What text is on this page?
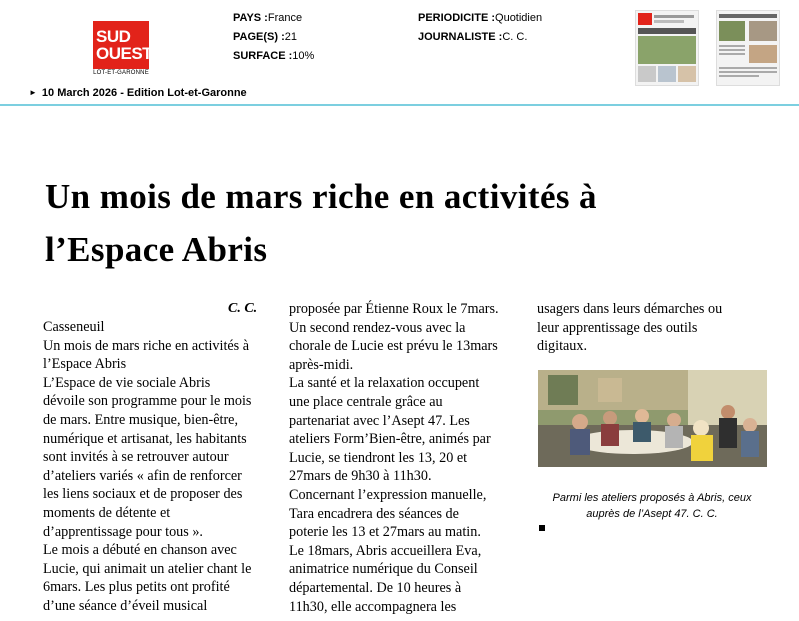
SUD
OUEST
LOT-ET-GARONNE
PAYS :France
PAGE(S) :21
SURFACE :10%
PERIODICITE :Quotidien
JOURNALISTE :C. C.
► 10 March 2026 - Edition Lot-et-Garonne
Un mois de mars riche en activités à
l’Espace Abris
C. C.

Casseneuil

Un mois de mars riche en activités à

l’Espace Abris

L’Espace de vie sociale Abris

dévoile son programme pour le mois

de mars. Entre musique, bien-être,

numérique et artisanat, les habitants

sont invités à se retrouver autour

d’ateliers variés « afin de renforcer

les liens sociaux et de proposer des

moments de détente et

d’apprentissage pour tous ».

Le mois a débuté en chanson avec

Lucie, qui animait un atelier chant le

6mars. Les plus petits ont profité

d’une séance d’éveil musical

proposée par Étienne Roux le 7mars.

Un second rendez-vous avec la

chorale de Lucie est prévu le 13mars

après-midi.

La santé et la relaxation occupent

une place centrale grâce au

partenariat avec l’Asept 47. Les

ateliers Form’Bien-être, animés par

Lucie, se tiendront les 13, 20 et

27mars de 9h30 à 11h30.

Concernant l’expression manuelle,

Tara encadrera des séances de

poterie les 13 et 27mars au matin.

Le 18mars, Abris accueillera Eva,

animatrice numérique du Conseil

départemental. De 10 heures à

11h30, elle accompagnera les

usagers dans leurs démarches ou

leur apprentissage des outils

digitaux.

Parmi les ateliers proposés à Abris, ceux
auprès de l’Asept 47. C. C.
